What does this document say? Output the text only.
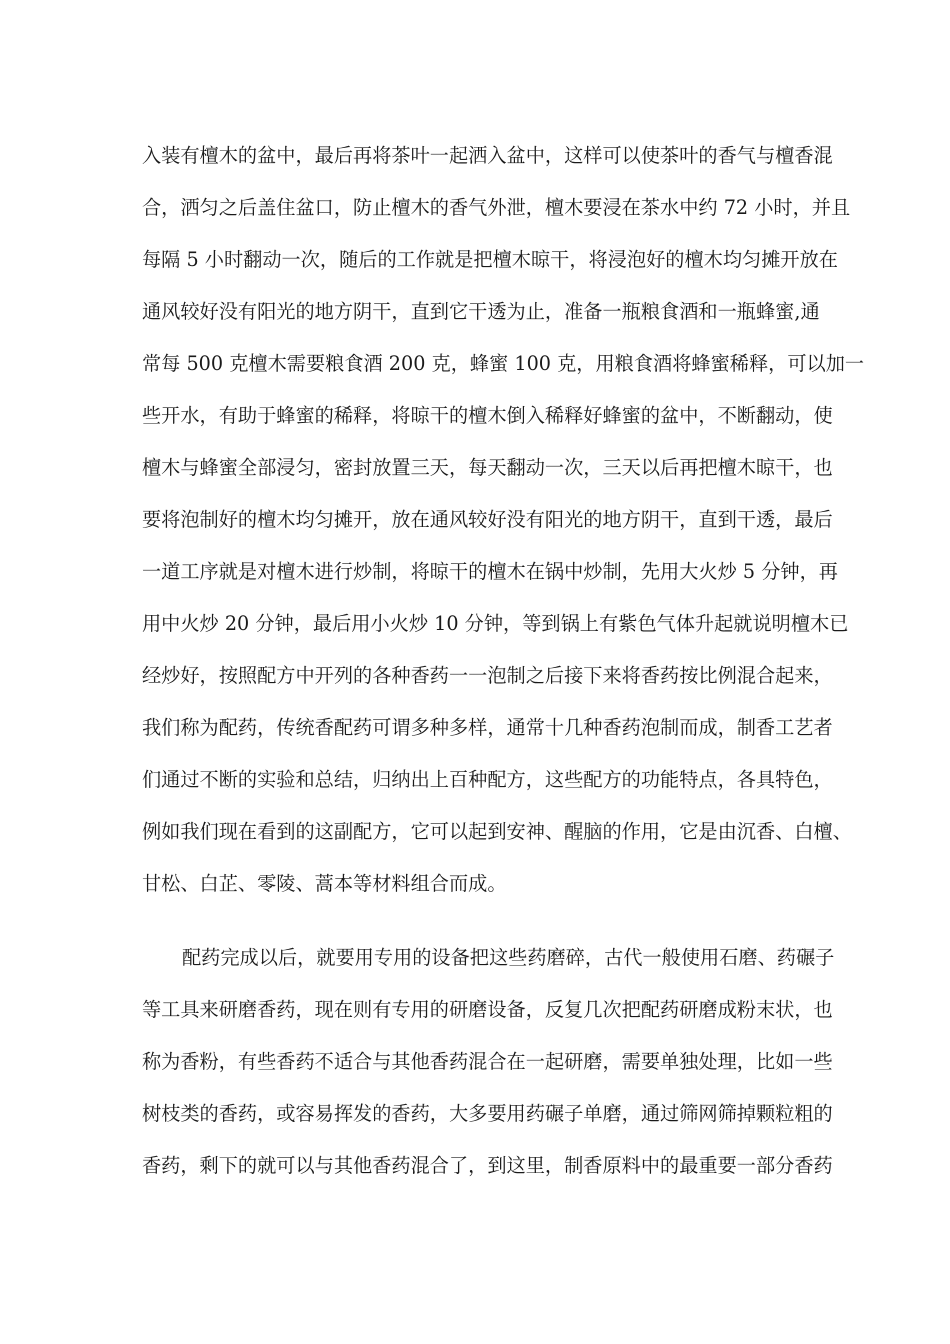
入装有檀木的盆中，最后再将茶叶一起洒入盆中，这样可以使茶叶的香气与檀香混
合，洒匀之后盖住盆口，防止檀木的香气外泄，檀木要浸在茶水中约 72 小时，并且
每隔 5 小时翻动一次，随后的工作就是把檀木晾干，将浸泡好的檀木均匀摊开放在
通风较好没有阳光的地方阴干，直到它干透为止，准备一瓶粮食酒和一瓶蜂蜜,通
常每 500 克檀木需要粮食酒 200 克，蜂蜜 100 克，用粮食酒将蜂蜜稀释，可以加一
些开水，有助于蜂蜜的稀释，将晾干的檀木倒入稀释好蜂蜜的盆中，不断翻动，使
檀木与蜂蜜全部浸匀，密封放置三天，每天翻动一次，三天以后再把檀木晾干，也
要将泡制好的檀木均匀摊开，放在通风较好没有阳光的地方阴干，直到干透，最后
一道工序就是对檀木进行炒制，将晾干的檀木在锅中炒制，先用大火炒 5 分钟，再
用中火炒 20 分钟，最后用小火炒 10 分钟，等到锅上有紫色气体升起就说明檀木已
经炒好，按照配方中开列的各种香药一一泡制之后接下来将香药按比例混合起来，
我们称为配药，传统香配药可谓多种多样，通常十几种香药泡制而成，制香工艺者
们通过不断的实验和总结，归纳出上百种配方，这些配方的功能特点，各具特色，
例如我们现在看到的这副配方，它可以起到安神、醒脑的作用，它是由沉香、白檀、
甘松、白芷、零陵、蒿本等材料组合而成。
配药完成以后，就要用专用的设备把这些药磨碎，古代一般使用石磨、药碾子
等工具来研磨香药，现在则有专用的研磨设备，反复几次把配药研磨成粉末状，也
称为香粉，有些香药不适合与其他香药混合在一起研磨，需要单独处理，比如一些
树枝类的香药，或容易挥发的香药，大多要用药碾子单磨，通过筛网筛掉颗粒粗的
香药，剩下的就可以与其他香药混合了，到这里，制香原料中的最重要一部分香药
